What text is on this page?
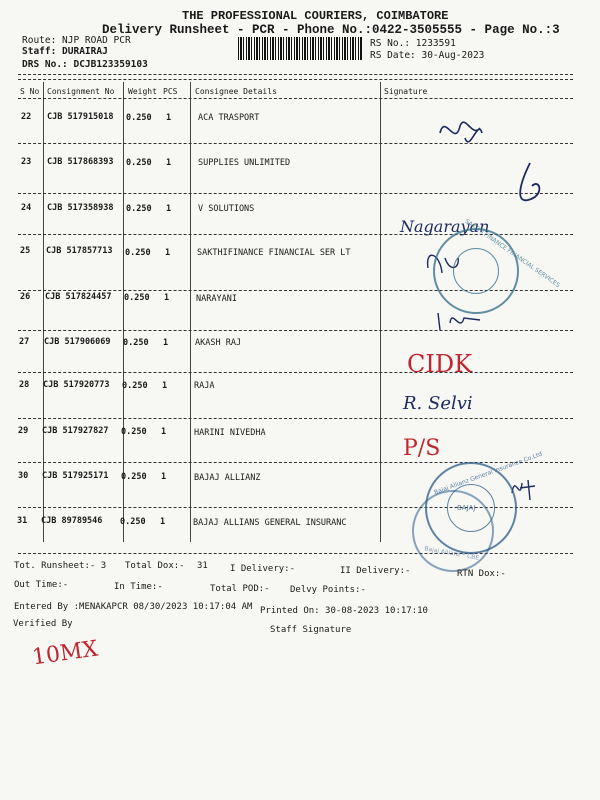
THE PROFESSIONAL COURIERS, COIMBATORE
Delivery Runsheet - PCR - Phone No.:0422-3505555 - Page No.:3
Route: NJP ROAD PCR
Staff: DURAIRAJ
DRS No.: DCJB123359103
RS No.: 1233591
RS Date: 30-Aug-2023
S No Consignment No Weight PCS Consignee Details	Signature
22 CJB 517915018 0.250 1	ACA TRASPORT
23 CJB 517868393 0.250 1	SUPPLIES UNLIMITED
24 CJB 517358938 0.250 1	V SOLUTIONS
25 CJB 517857713 0.250 1	SAKTHIFINANCE FINANCIAL SER LT
26 CJB 517824457 0.250 1	NARAYANI
27 CJB 517906069 0.250 1	AKASH RAJ
28 CJB 517920773 0.250 1	RAJA
29 CJB 517927827 0.250 1	HARINI NIVEDHA
30 CJB 517925171 0.250 1	BAJAJ ALLIANZ
31 CJB 89789546 0.250 1	BAJAJ ALLIANS GENERAL INSURANC
Nagarayan
CIDK
R. Selvi
P/S
SAKTHI FINANCE FINANCIAL SERVICES
Bajaj Allianz General Insurance Co.Ltd
BAJAJ
Bajaj Allianz * CBE
Tot. Runsheet:- 3 Total Dox:- 31 I Delivery:-	II Delivery:-	RTN Dox:-
Out Time:-	In Time:-	Total POD:- Delvy Points:-
Entered By :MENAKAPCR 08/30/2023 10:17:04 AM Printed On: 30-08-2023 10:17:10
Verified By
Staff Signature
10MX
